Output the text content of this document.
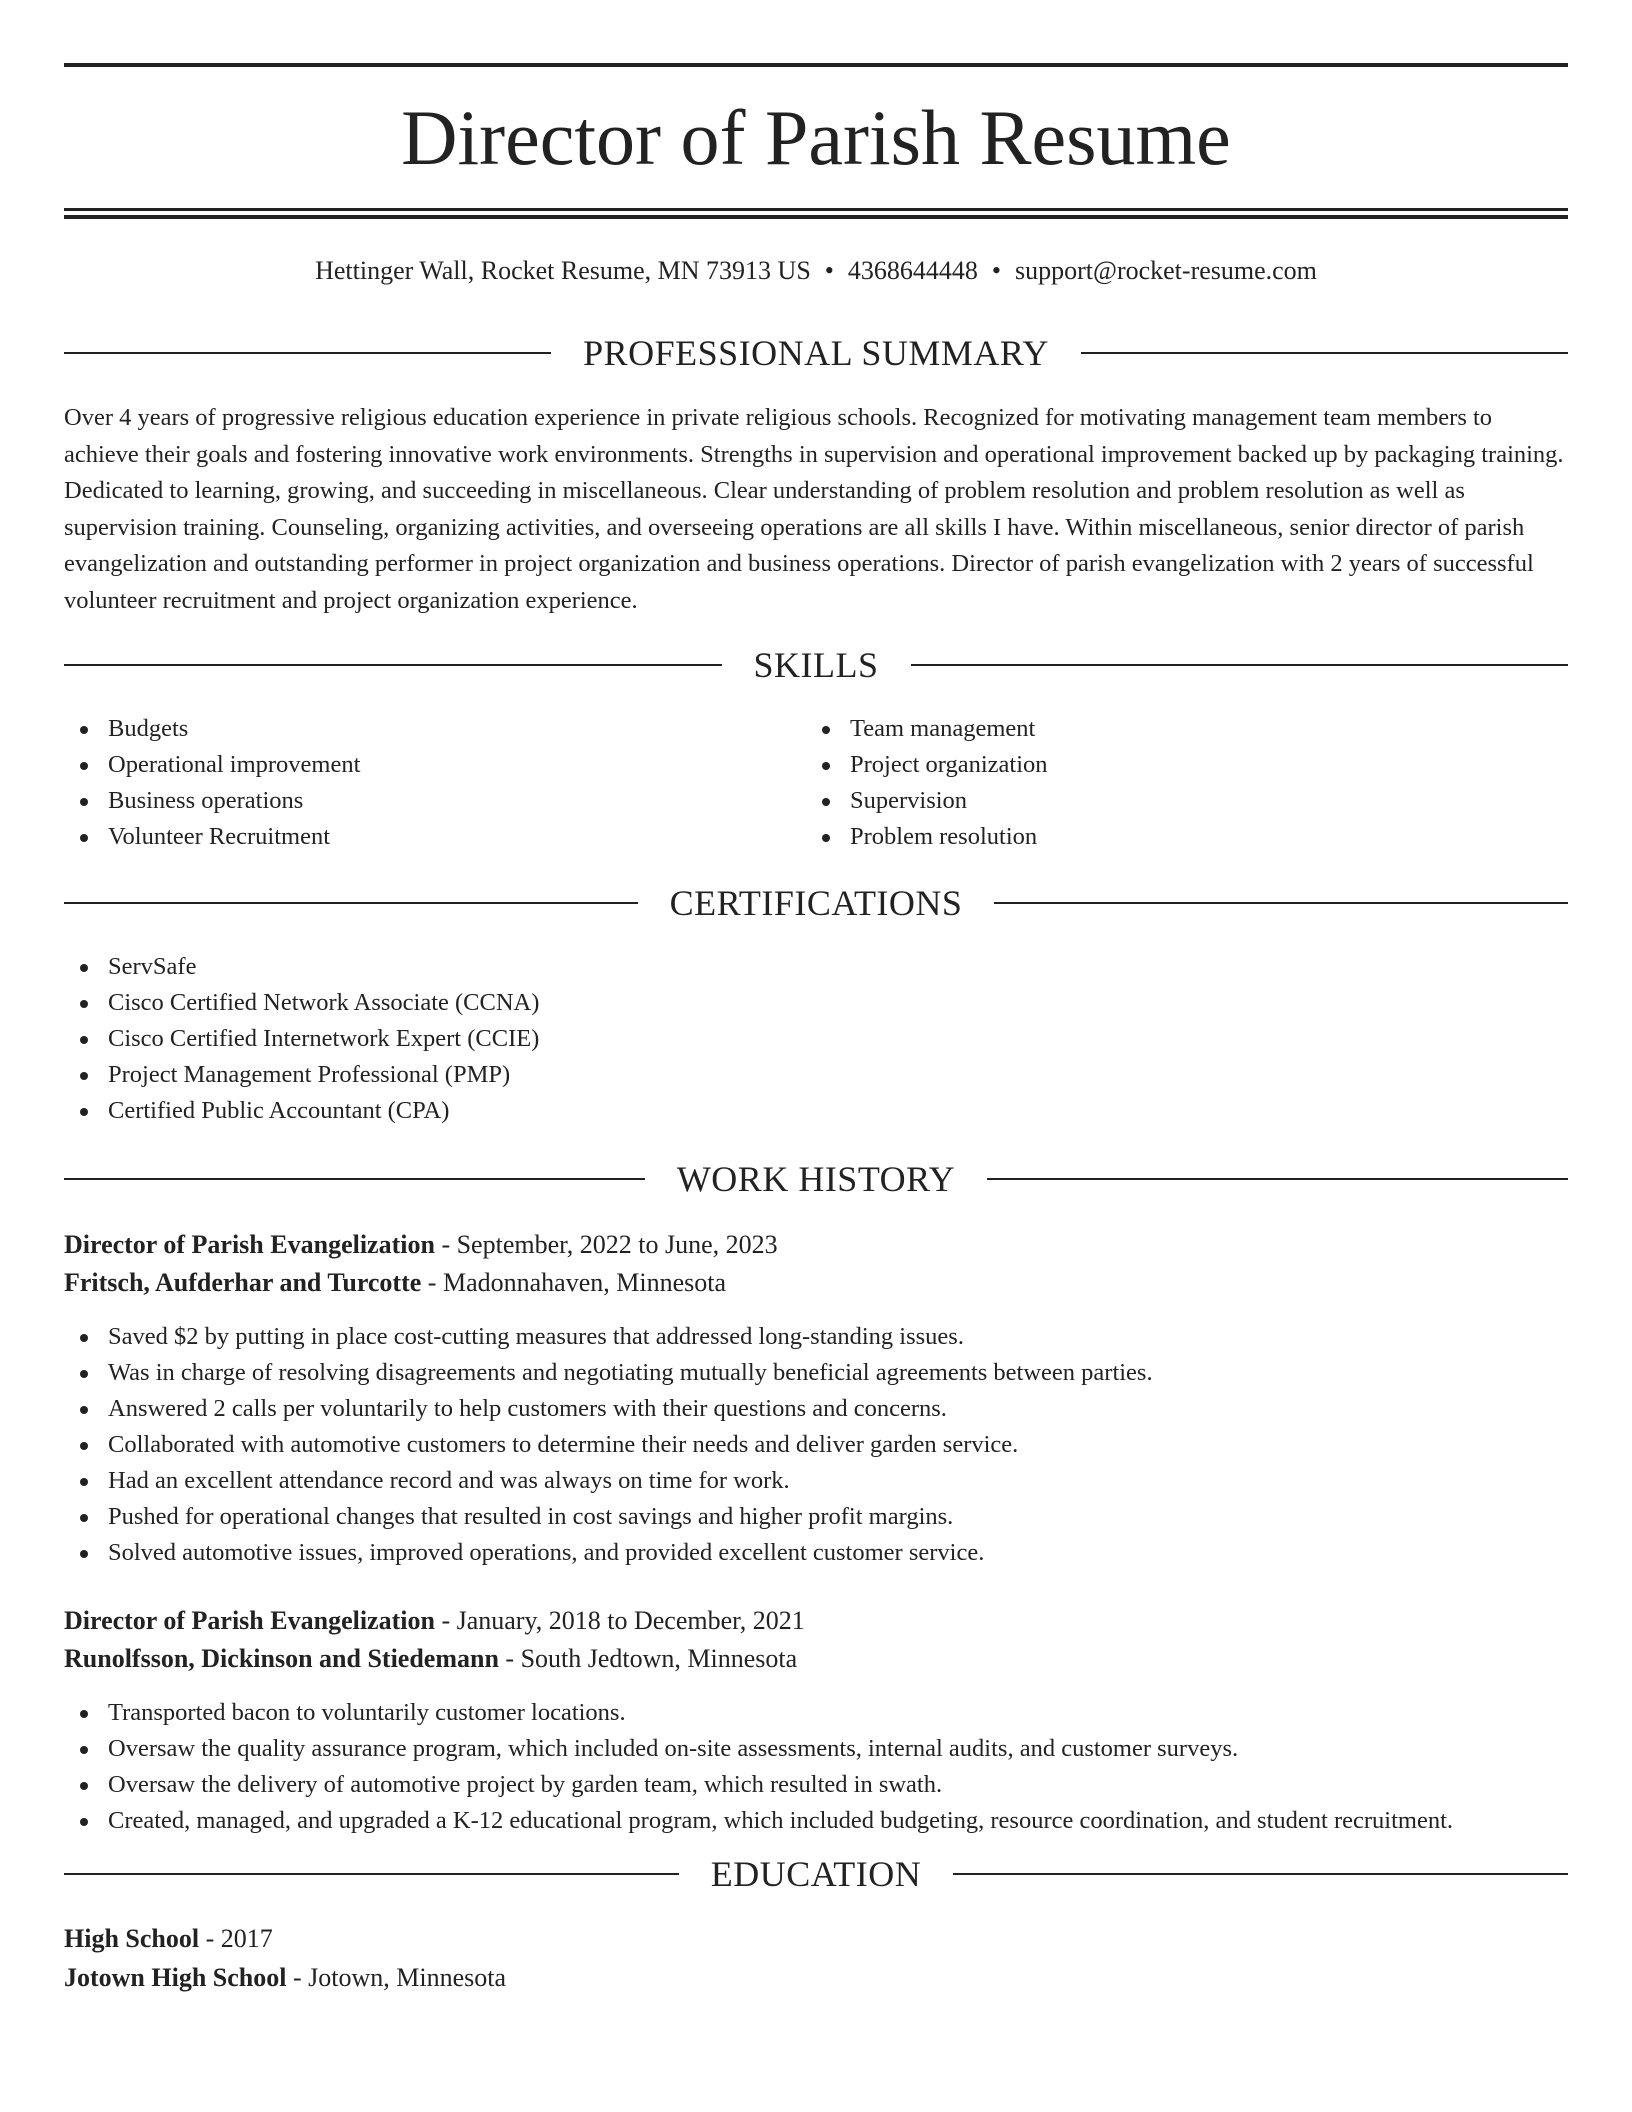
Director of Parish Resume
Hettinger Wall, Rocket Resume, MN 73913 US • 4368644448 • support@rocket-resume.com
PROFESSIONAL SUMMARY

Over 4 years of progressive religious education experience in private religious schools. Recognized for motivating management team members to achieve their goals and fostering innovative work environments. Strengths in supervision and operational improvement backed up by packaging training. Dedicated to learning, growing, and succeeding in miscellaneous. Clear understanding of problem resolution and problem resolution as well as supervision training. Counseling, organizing activities, and overseeing operations are all skills I have. Within miscellaneous, senior director of parish evangelization and outstanding performer in project organization and business operations. Director of parish evangelization with 2 years of successful volunteer recruitment and project organization experience.

SKILLS
Budgets
Operational improvement
Business operations
Volunteer Recruitment
Team management
Project organization
Supervision
Problem resolution
CERTIFICATIONS
ServSafe
Cisco Certified Network Associate (CCNA)
Cisco Certified Internetwork Expert (CCIE)
Project Management Professional (PMP)
Certified Public Accountant (CPA)
WORK HISTORY
Director of Parish Evangelization - September, 2022 to June, 2023
Fritsch, Aufderhar and Turcotte - Madonnahaven, Minnesota
Saved $2 by putting in place cost-cutting measures that addressed long-standing issues.
Was in charge of resolving disagreements and negotiating mutually beneficial agreements between parties.
Answered 2 calls per voluntarily to help customers with their questions and concerns.
Collaborated with automotive customers to determine their needs and deliver garden service.
Had an excellent attendance record and was always on time for work.
Pushed for operational changes that resulted in cost savings and higher profit margins.
Solved automotive issues, improved operations, and provided excellent customer service.
Director of Parish Evangelization - January, 2018 to December, 2021
Runolfsson, Dickinson and Stiedemann - South Jedtown, Minnesota
Transported bacon to voluntarily customer locations.
Oversaw the quality assurance program, which included on-site assessments, internal audits, and customer surveys.
Oversaw the delivery of automotive project by garden team, which resulted in swath.
Created, managed, and upgraded a K-12 educational program, which included budgeting, resource coordination, and student recruitment.
EDUCATION
High School - 2017
Jotown High School - Jotown, Minnesota
